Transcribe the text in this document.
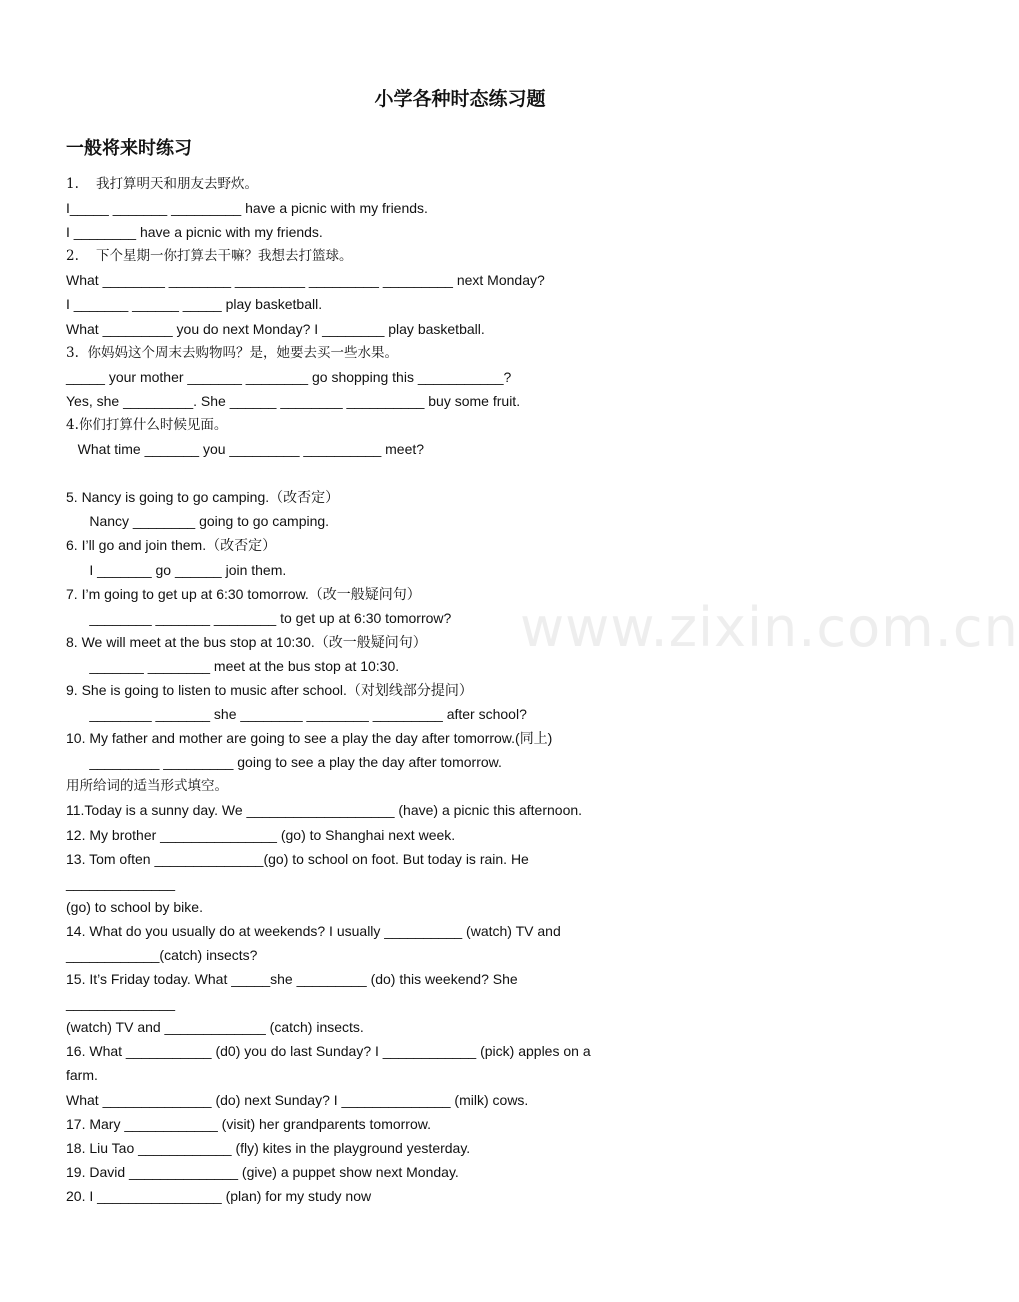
小学各种时态练习题
一般将来时练习
1.    我打算明天和朋友去野炊。
I_____ _______ _________ have a picnic with my friends.
I ________ have a picnic with my friends.
2.    下个星期一你打算去干嘛？我想去打篮球。
What ________ ________ _________ _________ _________ next Monday?
I _______ ______ _____ play basketball.
What _________ you do next Monday? I ________ play basketball.
3.  你妈妈这个周末去购物吗？是，她要去买一些水果。
_____ your mother _______ ________ go shopping this ___________?
Yes, she _________. She ______ ________ __________ buy some fruit.
4.你们打算什么时候见面。
What time _______ you _________ __________ meet?
5. Nancy is going to go camping.（改否定）
Nancy ________ going to go camping.
6. I’ll go and join them.（改否定）
I _______ go ______ join them.
7. I’m going to get up at 6:30 tomorrow.（改一般疑问句）
________ _______ ________ to get up at 6:30 tomorrow?
8. We will meet at the bus stop at 10:30.（改一般疑问句）
_______ ________ meet at the bus stop at 10:30.
9. She is going to listen to music after school.（对划线部分提问）
________ _______ she ________ ________ _________ after school?
10. My father and mother are going to see a play the day after tomorrow.(同上)
_________ _________ going to see a play the day after tomorrow.
用所给词的适当形式填空。
11.Today is a sunny day. We ___________________ (have) a picnic this afternoon.
12. My brother _______________ (go) to Shanghai next week.
13. Tom often ______________(go) to school on foot. But today is rain. He
______________
(go) to school by bike.
14. What do you usually do at weekends? I usually __________ (watch) TV and
____________(catch) insects?
15. It’s Friday today. What _____she _________ (do) this weekend? She
______________
(watch) TV and _____________ (catch) insects.
16. What ___________ (d0) you do last Sunday? I ____________ (pick) apples on a
farm.
What ______________ (do) next Sunday? I ______________ (milk) cows.
17. Mary ____________ (visit) her grandparents tomorrow.
18. Liu Tao ____________ (fly) kites in the playground yesterday.
19. David ______________ (give) a puppet show next Monday.
20. I ________________ (plan) for my study now
www.zixin.com.cn
